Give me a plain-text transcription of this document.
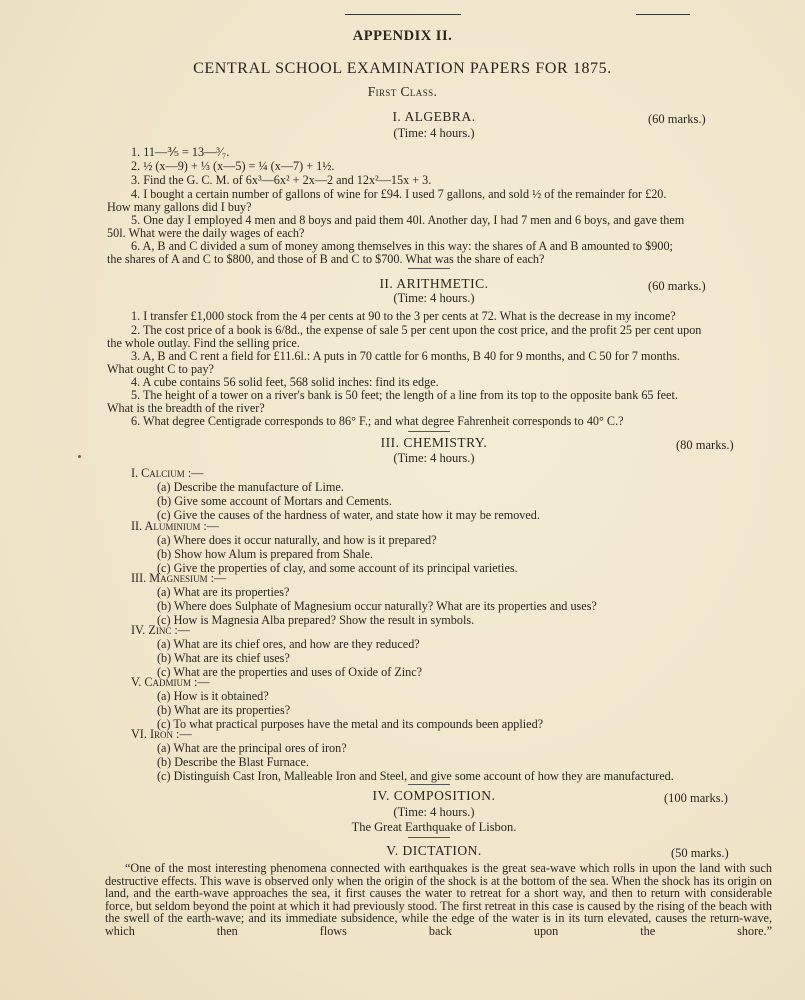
APPENDIX II.
CENTRAL SCHOOL EXAMINATION PAPERS FOR 1875.
First Class.
I. ALGEBRA.	(60 marks.)
(Time: 4 hours.)
1. 11—⅗ = 13—³⁄₇.
2. ½ (x—9) + ⅓ (x—5) = ¼ (x—7) + 1½.
3. Find the G. C. M. of 6x³—6x² + 2x—2 and 12x²—15x + 3.
4. I bought a certain number of gallons of wine for £94. I used 7 gallons, and sold ½ of the remainder for £20.
How many gallons did I buy?
5. One day I employed 4 men and 8 boys and paid them 40l. Another day, I had 7 men and 6 boys, and gave them
50l. What were the daily wages of each?
6. A, B and C divided a sum of money among themselves in this way: the shares of A and B amounted to $900;
the shares of A and C to $800, and those of B and C to $700. What was the share of each?
II. ARITHMETIC.	(60 marks.)
(Time: 4 hours.)
1. I transfer £1,000 stock from the 4 per cents at 90 to the 3 per cents at 72. What is the decrease in my income?
2. The cost price of a book is 6/8d., the expense of sale 5 per cent upon the cost price, and the profit 25 per cent upon
the whole outlay. Find the selling price.
3. A, B and C rent a field for £11.6l.: A puts in 70 cattle for 6 months, B 40 for 9 months, and C 50 for 7 months.
What ought C to pay?
4. A cube contains 56 solid feet, 568 solid inches: find its edge.
5. The height of a tower on a river's bank is 50 feet; the length of a line from its top to the opposite bank 65 feet.
What is the breadth of the river?
6. What degree Centigrade corresponds to 86° F.; and what degree Fahrenheit corresponds to 40° C.?
III. CHEMISTRY.	(80 marks.)
(Time: 4 hours.)
I. Calcium :—
(a) Describe the manufacture of Lime.
(b) Give some account of Mortars and Cements.
(c) Give the causes of the hardness of water, and state how it may be removed.
II. Aluminium :—
(a) Where does it occur naturally, and how is it prepared?
(b) Show how Alum is prepared from Shale.
(c) Give the properties of clay, and some account of its principal varieties.
III. Magnesium :—
(a) What are its properties?
(b) Where does Sulphate of Magnesium occur naturally? What are its properties and uses?
(c) How is Magnesia Alba prepared? Show the result in symbols.
IV. Zinc :—
(a) What are its chief ores, and how are they reduced?
(b) What are its chief uses?
(c) What are the properties and uses of Oxide of Zinc?
V. Cadmium :—
(a) How is it obtained?
(b) What are its properties?
(c) To what practical purposes have the metal and its compounds been applied?
VI. Iron :—
(a) What are the principal ores of iron?
(b) Describe the Blast Furnace.
(c) Distinguish Cast Iron, Malleable Iron and Steel, and give some account of how they are manufactured.
IV. COMPOSITION.	(100 marks.)
(Time: 4 hours.)
The Great Earthquake of Lisbon.
V. DICTATION.	(50 marks.)
“One of the most interesting phenomena connected with earthquakes is the great sea-wave which rolls in upon the land with such destructive effects. This wave is observed only when the origin of the shock is at the bottom of the sea. When the shock has its origin on land, and the earth-wave approaches the sea, it first causes the water to retreat for a short way, and then to return with considerable force, but seldom beyond the point at which it had previously stood. The first retreat in this case is caused by the rising of the beach with the swell of the earth-wave; and its immediate subsidence, while the edge of the water is in its turn elevated, causes the return-wave, which then flows back upon the shore.”
